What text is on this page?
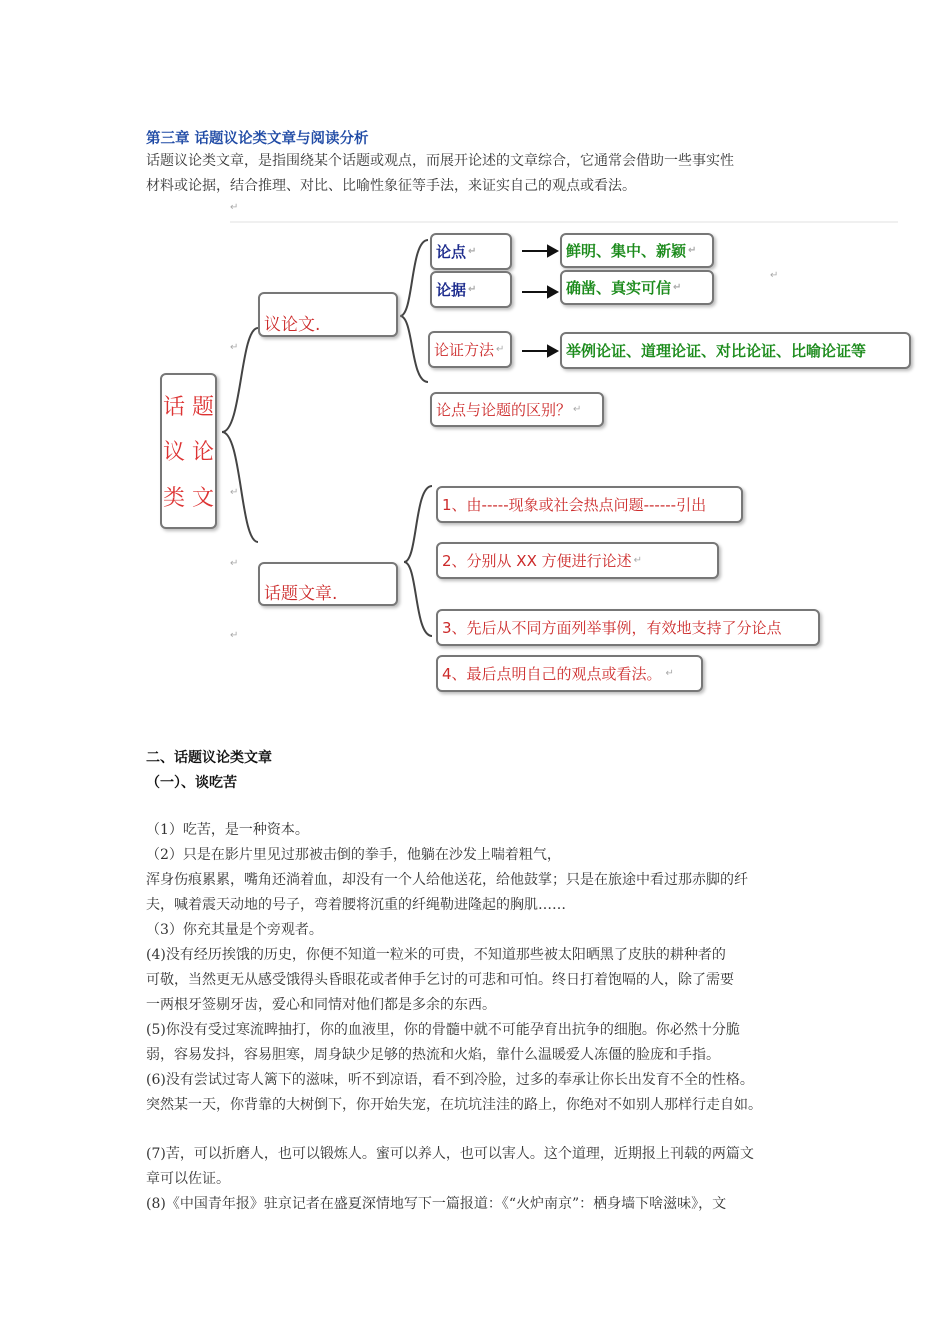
第三章 话题议论类文章与阅读分析
话题议论类文章，是指围绕某个话题或观点，而展开论述的文章综合，它通常会借助一些事实性
材料或论据，结合推理、对比、比喻性象征等手法，来证实自己的观点或看法。
↵
↵
↵
↵
↵
↵
话 题
议 论
类 文
议论文.
论点 ↵
论据 ↵
论证方法 ↵
鲜明、集中、新颖 ↵
确凿、真实可信 ↵
举例论证、道理论证、对比论证、比喻论证等
论点与论题的区别？ ↵
话题文章.
1、由-----现象或社会热点问题------引出
2、分别从 XX 方便进行论述 ↵
3、先后从不同方面列举事例，有效地支持了分论点
4、最后点明自己的观点或看法。 ↵
二、话题议论类文章
（一）、谈吃苦
（1）吃苦，是一种资本。
（2）只是在影片里见过那被击倒的拳手，他躺在沙发上喘着粗气，
浑身伤痕累累，嘴角还淌着血，却没有一个人给他送花，给他鼓掌；只是在旅途中看过那赤脚的纤
夫，喊着震天动地的号子，弯着腰将沉重的纤绳勒进隆起的胸肌……
（3）你充其量是个旁观者。
(4)没有经历挨饿的历史，你便不知道一粒米的可贵，不知道那些被太阳晒黑了皮肤的耕种者的
可敬，当然更无从感受饿得头昏眼花或者伸手乞讨的可悲和可怕。终日打着饱嗝的人，除了需要
一两根牙签剔牙齿，爱心和同情对他们都是多余的东西。
(5)你没有受过寒流睥抽打，你的血液里，你的骨髓中就不可能孕育出抗争的细胞。你必然十分脆
弱，容易发抖，容易胆寒，周身缺少足够的热流和火焰，靠什么温暖爱人冻僵的脸庞和手指。
(6)没有尝试过寄人篱下的滋味，听不到凉语，看不到冷脸，过多的奉承让你长出发育不全的性格。
突然某一天，你背靠的大树倒下，你开始失宠，在坑坑洼洼的路上，你绝对不如别人那样行走自如。
(7)苦，可以折磨人，也可以锻炼人。蜜可以养人，也可以害人。这个道理，近期报上刊载的两篇文
章可以佐证。
(8)《中国青年报》驻京记者在盛夏深情地写下一篇报道：《“火炉南京”：栖身墙下啥滋味》，文
